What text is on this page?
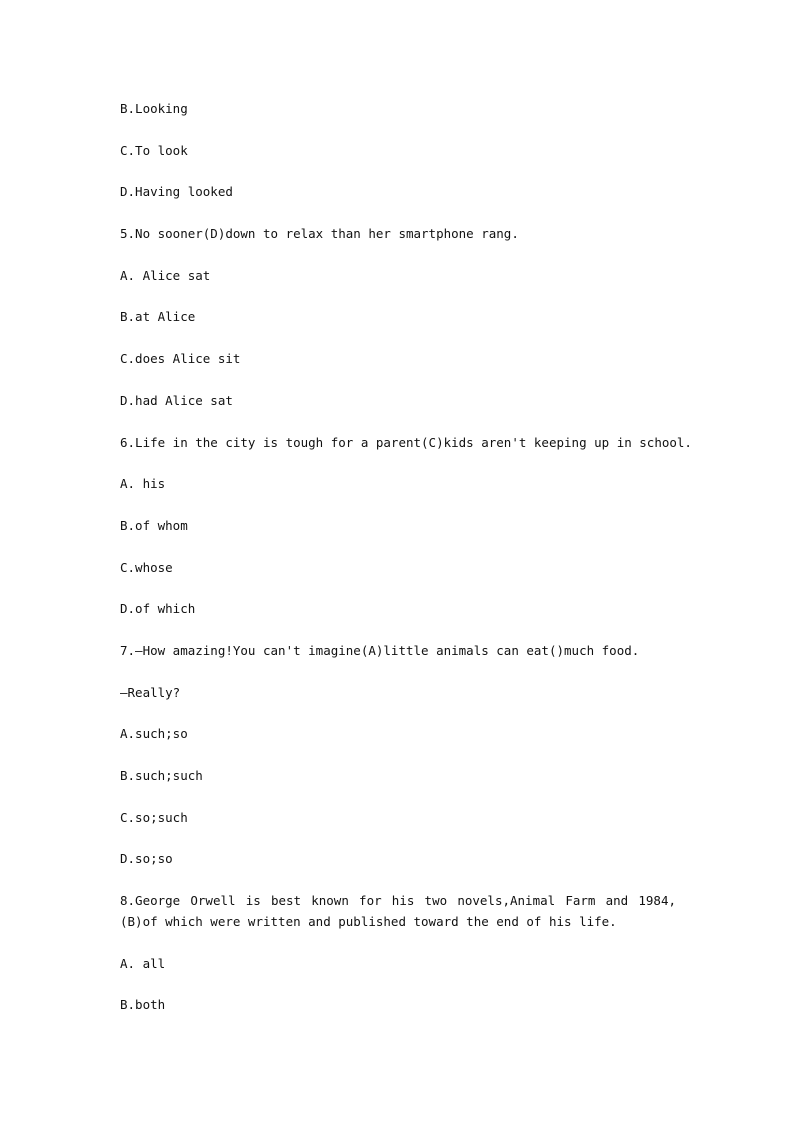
B.Looking
C.To look
D.Having looked
5.No sooner(D)down to relax than her smartphone rang.
A. Alice sat
B.at Alice
C.does Alice sit
D.had Alice sat
6.Life in the city is tough for a parent(C)kids aren't keeping up in school.
A. his
B.of whom
C.whose
D.of which
7.—How amazing!You can't imagine(A)little animals can eat()much food.
—Really?
A.such;so
B.such;such
C.so;such
D.so;so
8.George Orwell is best known for his two novels,Animal Farm and 1984,(B)of which were written and published toward the end of his life.
A. all
B.both
